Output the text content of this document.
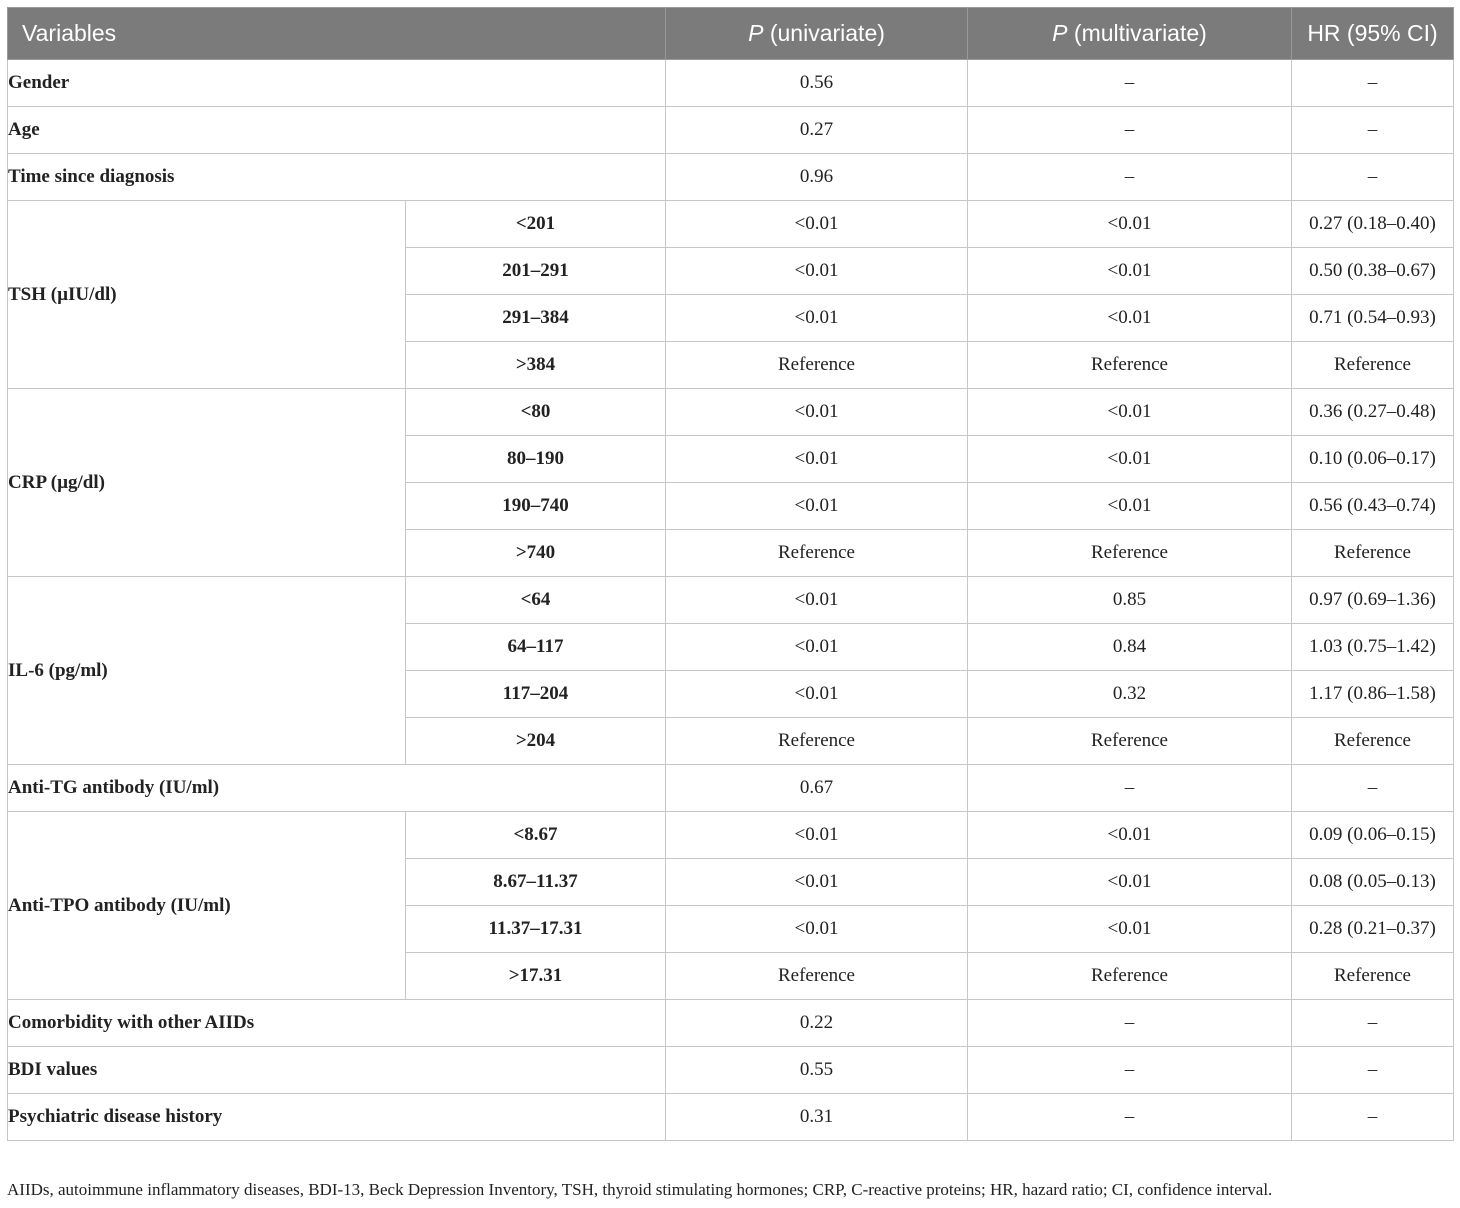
Variables		P (univariate)	P (multivariate)	HR (95% CI)
Gender		0.56	–	–
Age		0.27	–	–
Time since diagnosis		0.96	–	–
TSH (µIU/dl)	<201	<0.01	<0.01	0.27 (0.18–0.40)
	201–291	<0.01	<0.01	0.50 (0.38–0.67)
	291–384	<0.01	<0.01	0.71 (0.54–0.93)
	>384	Reference	Reference	Reference
CRP (µg/dl)	<80	<0.01	<0.01	0.36 (0.27–0.48)
	80–190	<0.01	<0.01	0.10 (0.06–0.17)
	190–740	<0.01	<0.01	0.56 (0.43–0.74)
	>740	Reference	Reference	Reference
IL-6 (pg/ml)	<64	<0.01	0.85	0.97 (0.69–1.36)
	64–117	<0.01	0.84	1.03 (0.75–1.42)
	117–204	<0.01	0.32	1.17 (0.86–1.58)
	>204	Reference	Reference	Reference
Anti-TG antibody (IU/ml)		0.67	–	–
Anti-TPO antibody (IU/ml)	<8.67	<0.01	<0.01	0.09 (0.06–0.15)
	8.67–11.37	<0.01	<0.01	0.08 (0.05–0.13)
	11.37–17.31	<0.01	<0.01	0.28 (0.21–0.37)
	>17.31	Reference	Reference	Reference
Comorbidity with other AIIDs		0.22	–	–
BDI values		0.55	–	–
Psychiatric disease history		0.31	–	–
AIIDs, autoimmune inflammatory diseases, BDI-13, Beck Depression Inventory, TSH, thyroid stimulating hormones; CRP, C-reactive proteins; HR, hazard ratio; CI, confidence interval.
